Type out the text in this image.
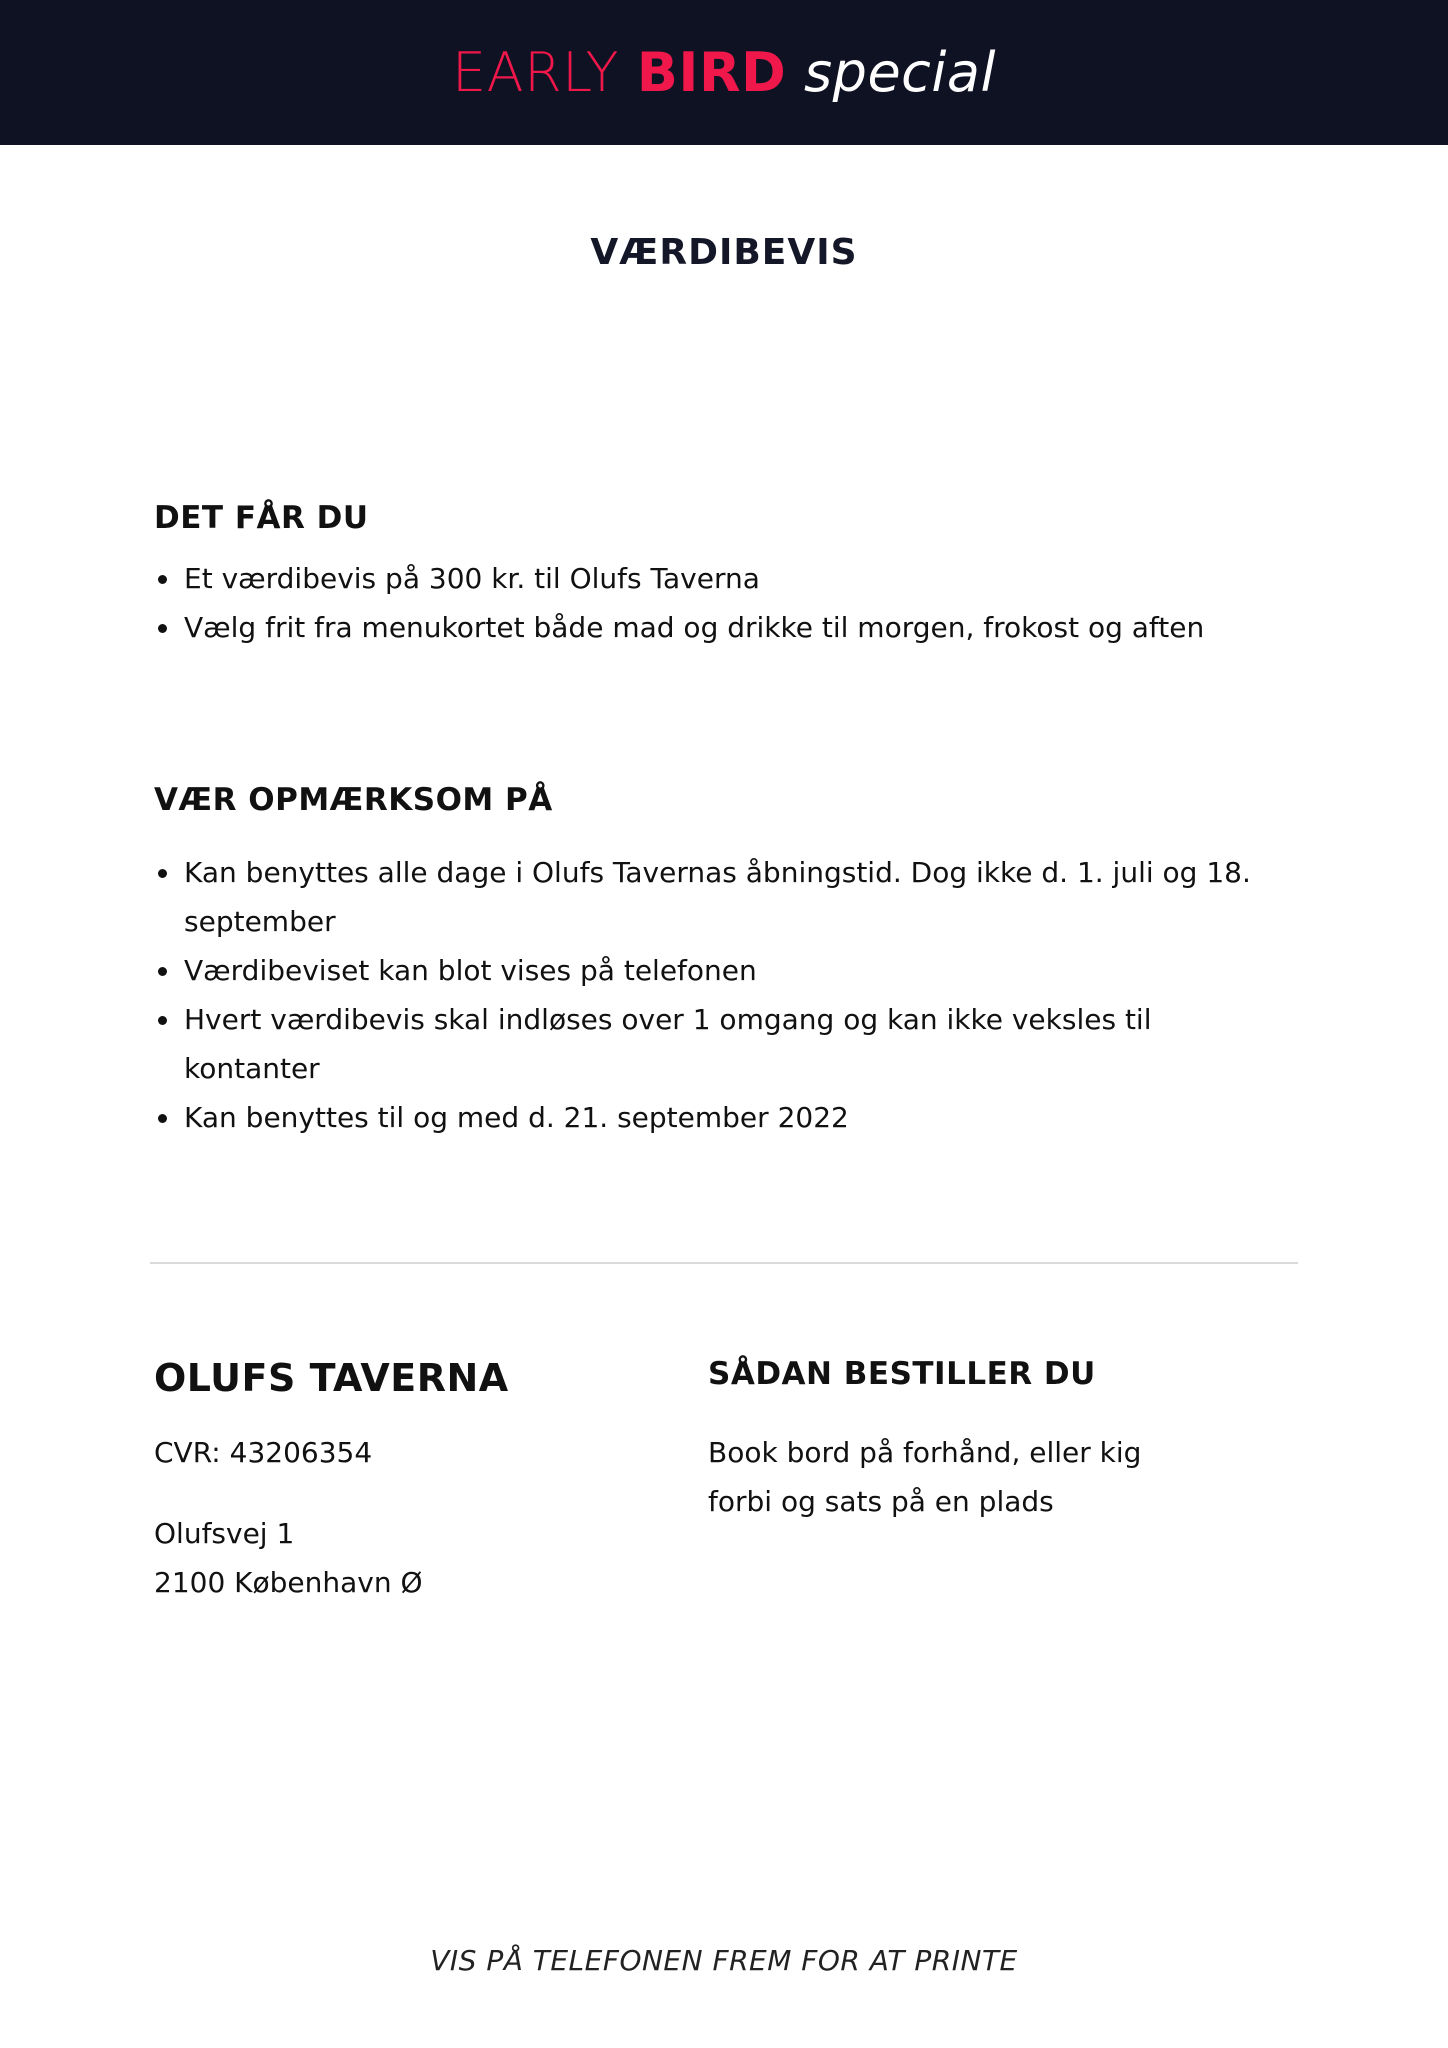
EARLY BIRD special
VÆRDIBEVIS
DET FÅR DU
Et værdibevis på 300 kr. til Olufs Taverna
Vælg frit fra menukortet både mad og drikke til morgen, frokost og aften
VÆR OPMÆRKSOM PÅ
Kan benyttes alle dage i Olufs Tavernas åbningstid. Dog ikke d. 1. juli og 18. september
Værdibeviset kan blot vises på telefonen
Hvert værdibevis skal indløses over 1 omgang og kan ikke veksles til kontanter
Kan benyttes til og med d. 21. september 2022
OLUFS TAVERNA
CVR: 43206354
Olufsvej 1
2100 København Ø
SÅDAN BESTILLER DU
Book bord på forhånd, eller kig
forbi og sats på en plads
VIS PÅ TELEFONEN FREM FOR AT PRINTE
